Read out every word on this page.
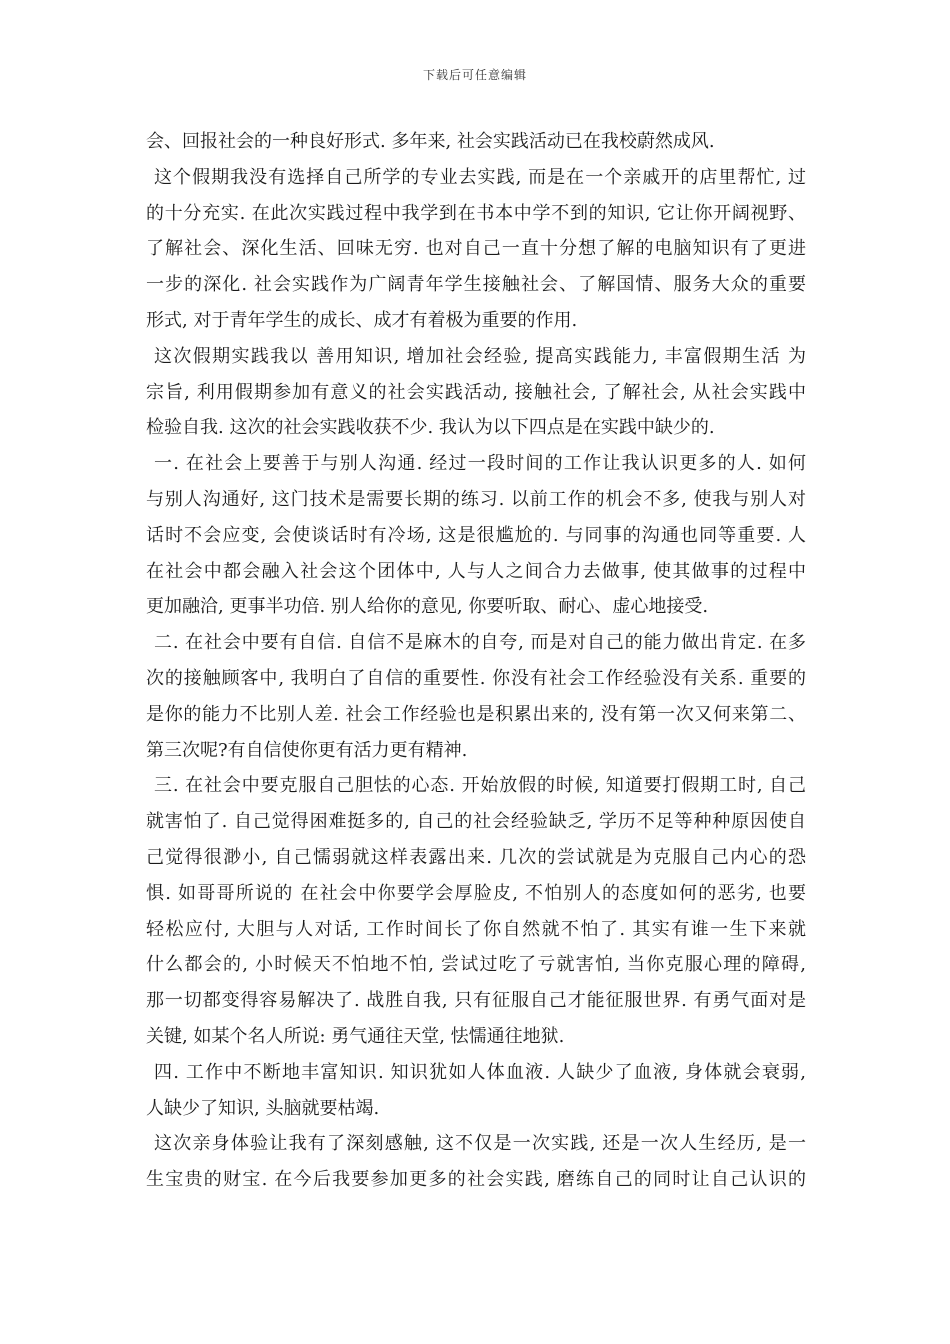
下载后可任意编辑
会、回报社会的一种良好形式. 多年来, 社会实践活动已在我校蔚然成风.
这个假期我没有选择自己所学的专业去实践, 而是在一个亲戚开的店里帮忙, 过
的十分充实. 在此次实践过程中我学到在书本中学不到的知识, 它让你开阔视野、
了解社会、深化生活、回味无穷. 也对自己一直十分想了解的电脑知识有了更进
一步的深化. 社会实践作为广阔青年学生接触社会、了解国情、服务大众的重要
形式, 对于青年学生的成长、成才有着极为重要的作用.
这次假期实践我以 善用知识, 增加社会经验, 提高实践能力, 丰富假期生活 为
宗旨, 利用假期参加有意义的社会实践活动, 接触社会, 了解社会, 从社会实践中
检验自我. 这次的社会实践收获不少. 我认为以下四点是在实践中缺少的.
一. 在社会上要善于与别人沟通. 经过一段时间的工作让我认识更多的人. 如何
与别人沟通好, 这门技术是需要长期的练习. 以前工作的机会不多, 使我与别人对
话时不会应变, 会使谈话时有冷场, 这是很尴尬的. 与同事的沟通也同等重要. 人
在社会中都会融入社会这个团体中, 人与人之间合力去做事, 使其做事的过程中
更加融洽, 更事半功倍. 别人给你的意见, 你要听取、耐心、虚心地接受.
二. 在社会中要有自信. 自信不是麻木的自夸, 而是对自己的能力做出肯定. 在多
次的接触顾客中, 我明白了自信的重要性. 你没有社会工作经验没有关系. 重要的
是你的能力不比别人差. 社会工作经验也是积累出来的, 没有第一次又何来第二、
第三次呢?有自信使你更有活力更有精神.
三. 在社会中要克服自己胆怯的心态. 开始放假的时候, 知道要打假期工时, 自己
就害怕了. 自己觉得困难挺多的, 自己的社会经验缺乏, 学历不足等种种原因使自
己觉得很渺小, 自己懦弱就这样表露出来. 几次的尝试就是为克服自己内心的恐
惧. 如哥哥所说的 在社会中你要学会厚脸皮, 不怕别人的态度如何的恶劣, 也要
轻松应付, 大胆与人对话, 工作时间长了你自然就不怕了. 其实有谁一生下来就
什么都会的, 小时候天不怕地不怕, 尝试过吃了亏就害怕, 当你克服心理的障碍,
那一切都变得容易解决了. 战胜自我, 只有征服自己才能征服世界. 有勇气面对是
关键, 如某个名人所说: 勇气通往天堂, 怯懦通往地狱.
四. 工作中不断地丰富知识. 知识犹如人体血液. 人缺少了血液, 身体就会衰弱,
人缺少了知识, 头脑就要枯竭.
这次亲身体验让我有了深刻感触, 这不仅是一次实践, 还是一次人生经历, 是一
生宝贵的财宝. 在今后我要参加更多的社会实践, 磨练自己的同时让自己认识的
